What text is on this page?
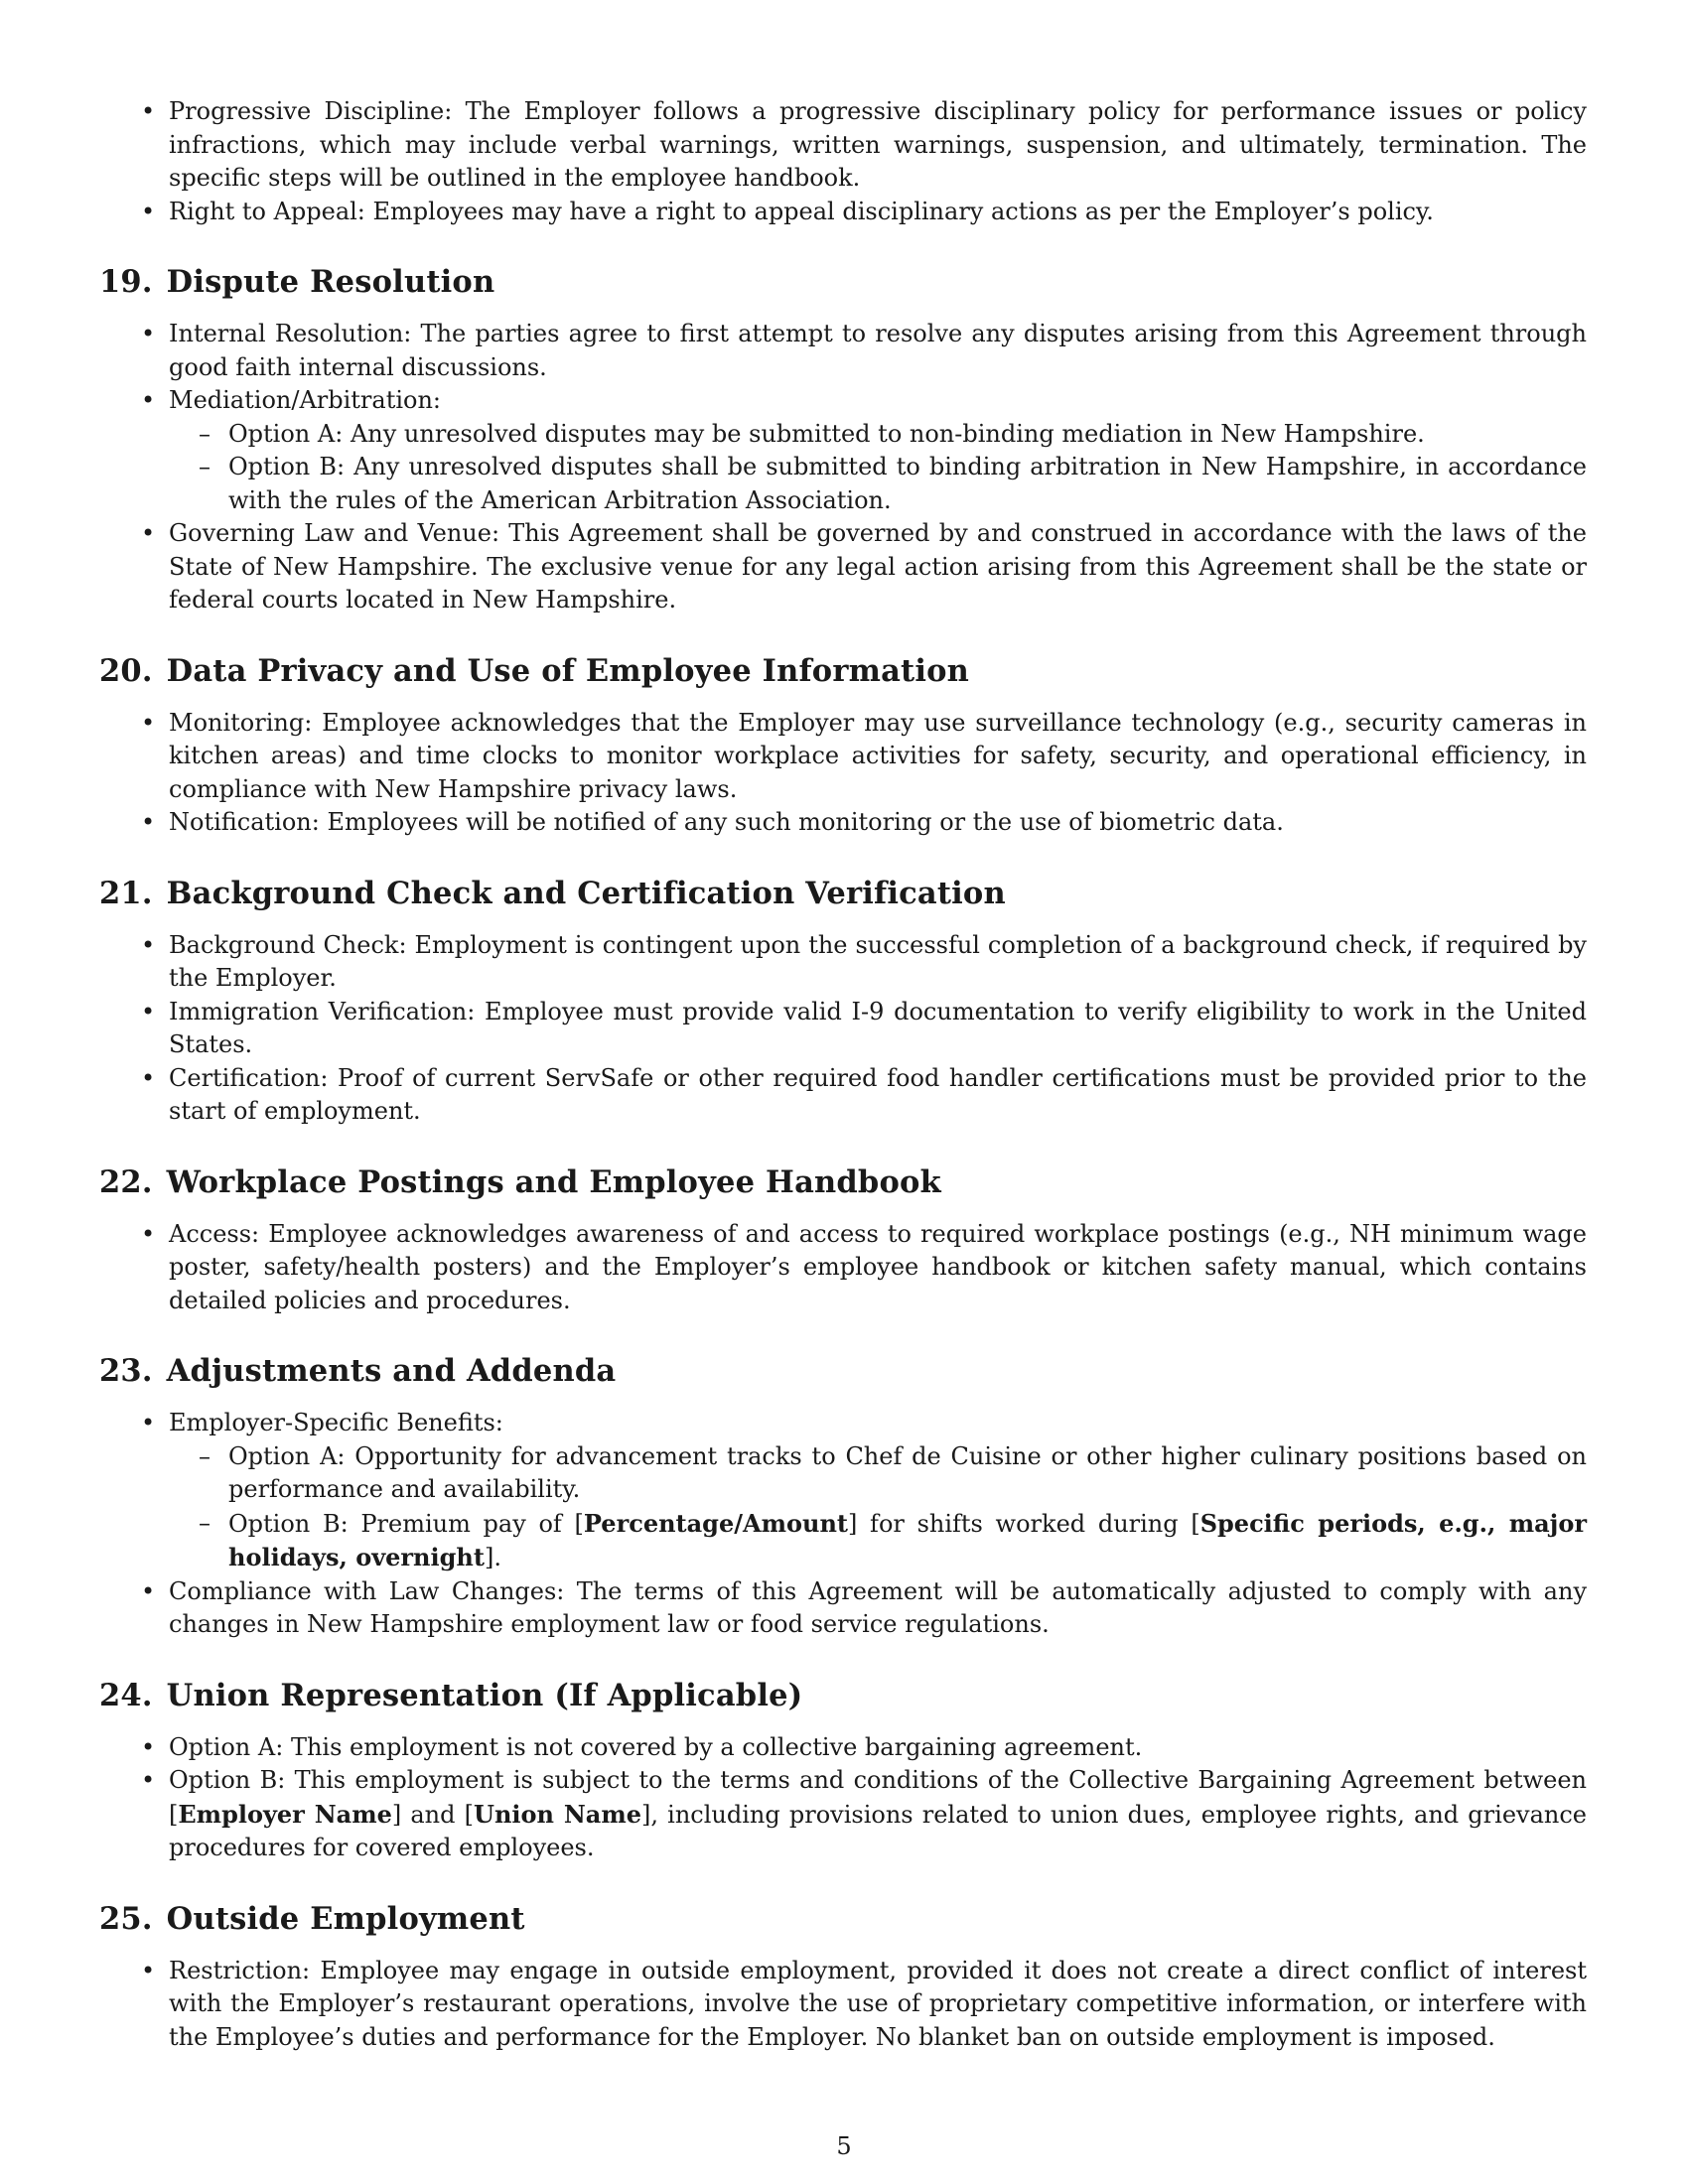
• Progressive Discipline: The Employer follows a progressive disciplinary policy for performance issues or policy infractions, which may include verbal warnings, written warnings, suspension, and ultimately, termination. The specific steps will be outlined in the employee handbook.
• Right to Appeal: Employees may have a right to appeal disciplinary actions as per the Employer’s policy.
19. Dispute Resolution
• Internal Resolution: The parties agree to first attempt to resolve any disputes arising from this Agreement through good faith internal discussions.
• Mediation/Arbitration:
– Option A: Any unresolved disputes may be submitted to non-binding mediation in New Hampshire.
– Option B: Any unresolved disputes shall be submitted to binding arbitration in New Hampshire, in accordance with the rules of the American Arbitration Association.
• Governing Law and Venue: This Agreement shall be governed by and construed in accordance with the laws of the State of New Hampshire. The exclusive venue for any legal action arising from this Agreement shall be the state or federal courts located in New Hampshire.
20. Data Privacy and Use of Employee Information
• Monitoring: Employee acknowledges that the Employer may use surveillance technology (e.g., security cameras in kitchen areas) and time clocks to monitor workplace activities for safety, security, and operational efficiency, in compliance with New Hampshire privacy laws.
• Notification: Employees will be notified of any such monitoring or the use of biometric data.
21. Background Check and Certification Verification
• Background Check: Employment is contingent upon the successful completion of a background check, if required by the Employer.
• Immigration Verification: Employee must provide valid I-9 documentation to verify eligibility to work in the United States.
• Certification: Proof of current ServSafe or other required food handler certifications must be provided prior to the start of employment.
22. Workplace Postings and Employee Handbook
• Access: Employee acknowledges awareness of and access to required workplace postings (e.g., NH minimum wage poster, safety/health posters) and the Employer’s employee handbook or kitchen safety manual, which contains detailed policies and procedures.
23. Adjustments and Addenda
• Employer-Specific Benefits:
– Option A: Opportunity for advancement tracks to Chef de Cuisine or other higher culinary positions based on performance and availability.
– Option B: Premium pay of [Percentage/Amount] for shifts worked during [Specific periods, e.g., major holidays, overnight].
• Compliance with Law Changes: The terms of this Agreement will be automatically adjusted to comply with any changes in New Hampshire employment law or food service regulations.
24. Union Representation (If Applicable)
• Option A: This employment is not covered by a collective bargaining agreement.
• Option B: This employment is subject to the terms and conditions of the Collective Bargaining Agreement between [Employer Name] and [Union Name], including provisions related to union dues, employee rights, and grievance procedures for covered employees.
25. Outside Employment
• Restriction: Employee may engage in outside employment, provided it does not create a direct conflict of interest with the Employer’s restaurant operations, involve the use of proprietary competitive information, or interfere with the Employee’s duties and performance for the Employer. No blanket ban on outside employment is imposed.
5
